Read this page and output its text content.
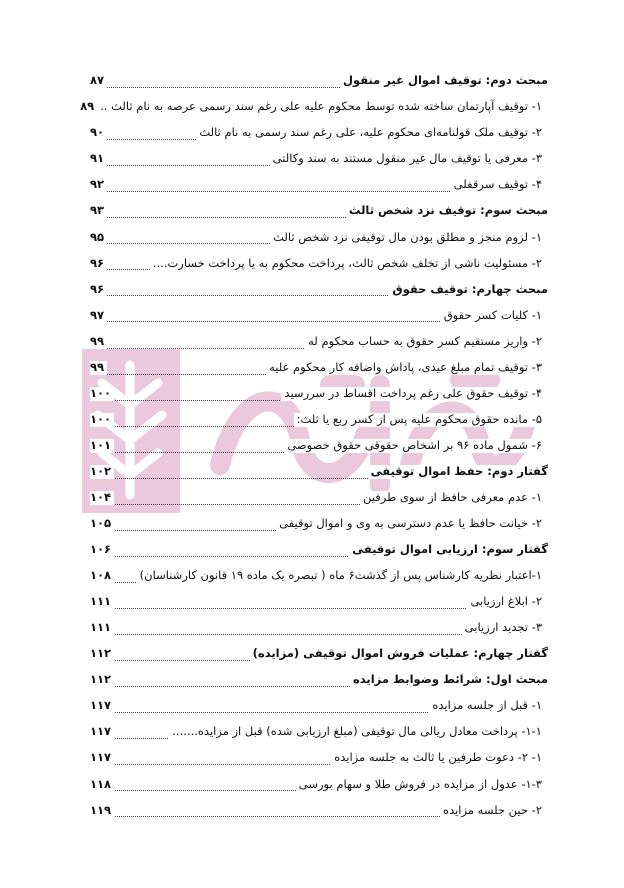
مبحث دوم: توقیف اموال غیر منقول
۸۷
۱- توقیف آپارتمان ساخته شده توسط محکوم علیه علی رغم سند رسمی عرصه به نام ثالث ..
۸۹
۲- توقیف ملک قولنامه‌ای محکوم علیه، علی رغم سند رسمی به نام ثالث
۹۰
۳- معرفی یا توقیف مال غیر منقول مستند به سند وکالتی
۹۱
۴- توقیف سرقفلی
۹۲
مبحث سوم: توقیف نزد شخص ثالث
۹۳
۱- لزوم منجز و مطلق بودن مال توقیفی نزد شخص ثالث
۹۵
۲- مسئولیت ناشی از تخلف شخص ثالث، پرداخت محکوم به یا پرداخت خسارت....
۹۶
مبحث چهارم: توقیف حقوق
۹۶
۱- کلیات کسر حقوق
۹۷
۲- واریز مستقیم کسر حقوق به حساب محکوم له
۹۹
۳- توقیف تمام مبلغ عیدی، پاداش واضافه کار محکوم علیه
۹۹
۴- توقیف حقوق علی رغم پرداخت اقساط در سررسید
۱۰۰
۵- مانده حقوق محکوم علیه پس از کسر ربع یا ثلث:
۱۰۰
۶- شمول ماده ۹۶ بر اشخاص حقوقی حقوق خصوصی
۱۰۱
گفتار دوم: حفظ اموال توقیفی
۱۰۲
۱- عدم معرفی حافظ از سوی طرفین
۱۰۴
۲- خیانت حافظ یا عدم دسترسی به وی و اموال توقیفی
۱۰۵
گفتار سوم: ارزیابی اموال توقیفی
۱۰۶
۱-اعتبار نظریه کارشناس پس از گذشت۶ ماه ( تبصره یک ماده ۱۹ قانون کارشناسان)
۱۰۸
۲- ابلاغ ارزیابی
۱۱۱
۳- تجدید ارزیابی
۱۱۱
گفتار چهارم: عملیات فروش اموال توقیفی (مزایده)
۱۱۲
مبحث اول: شرائط وضوابط مزایده
۱۱۲
۱- قبل از جلسه مزایده
۱۱۷
۱-۱- پرداخت معادل ریالی مال توقیفی (مبلغ ارزیابی شده) قبل از مزایده.......
۱۱۷
۱- ۲- دعوت طرفین یا ثالث به جلسه مزایده
۱۱۷
۱-۳- عدول از مزایده در فروش طلا و سهام بورسی
۱۱۸
۲- حین جلسه مزایده
۱۱۹
